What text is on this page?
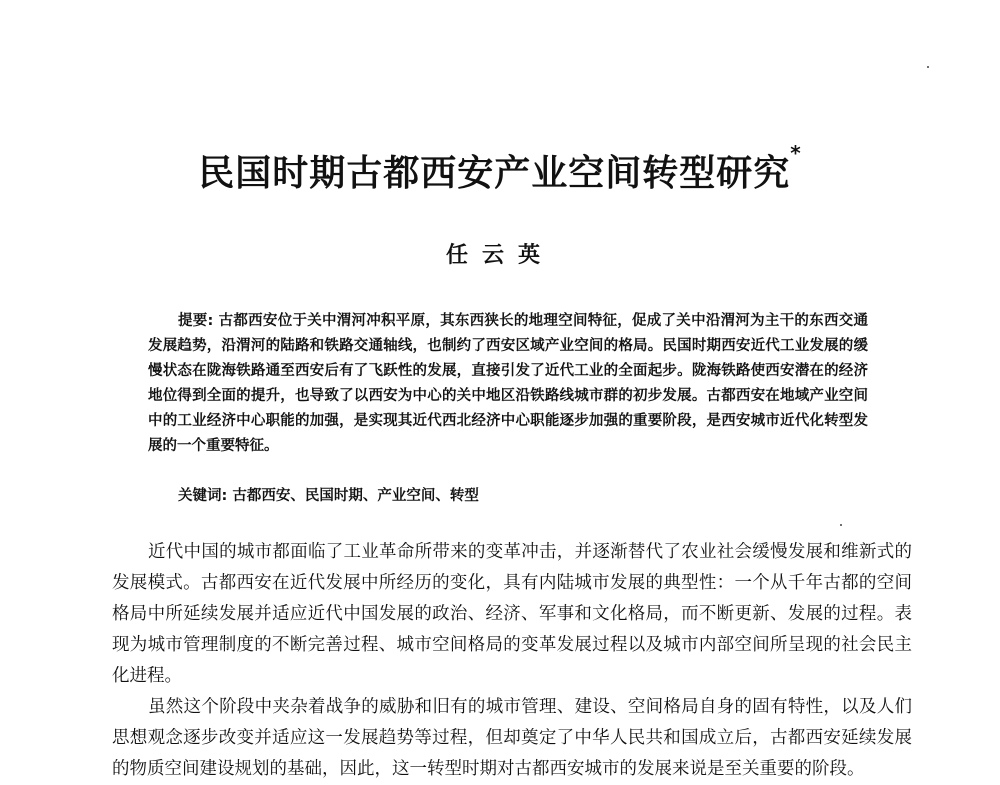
民国时期古都西安产业空间转型研究*
任云英
提要: 古都西安位于关中渭河冲积平原，其东西狭长的地理空间特征，促成了关中沿渭河为主干的东西交通发展趋势，沿渭河的陆路和铁路交通轴线，也制约了西安区域产业空间的格局。民国时期西安近代工业发展的缓慢状态在陇海铁路通至西安后有了飞跃性的发展，直接引发了近代工业的全面起步。陇海铁路使西安潜在的经济地位得到全面的提升，也导致了以西安为中心的关中地区沿铁路线城市群的初步发展。古都西安在地域产业空间中的工业经济中心职能的加强，是实现其近代西北经济中心职能逐步加强的重要阶段，是西安城市近代化转型发展的一个重要特征。
关键词: 古都西安、民国时期、产业空间、转型

近代中国的城市都面临了工业革命所带来的变革冲击，并逐渐替代了农业社会缓慢发展和维新式的发展模式。古都西安在近代发展中所经历的变化，具有内陆城市发展的典型性：一个从千年古都的空间格局中所延续发展并适应近代中国发展的政治、经济、军事和文化格局，而不断更新、发展的过程。表现为城市管理制度的不断完善过程、城市空间格局的变革发展过程以及城市内部空间所呈现的社会民主化进程。

虽然这个阶段中夹杂着战争的威胁和旧有的城市管理、建设、空间格局自身的固有特性，以及人们思想观念逐步改变并适应这一发展趋势等过程，但却奠定了中华人民共和国成立后，古都西安延续发展的物质空间建设规划的基础，因此，这一转型时期对古都西安城市的发展来说是至关重要的阶段。
